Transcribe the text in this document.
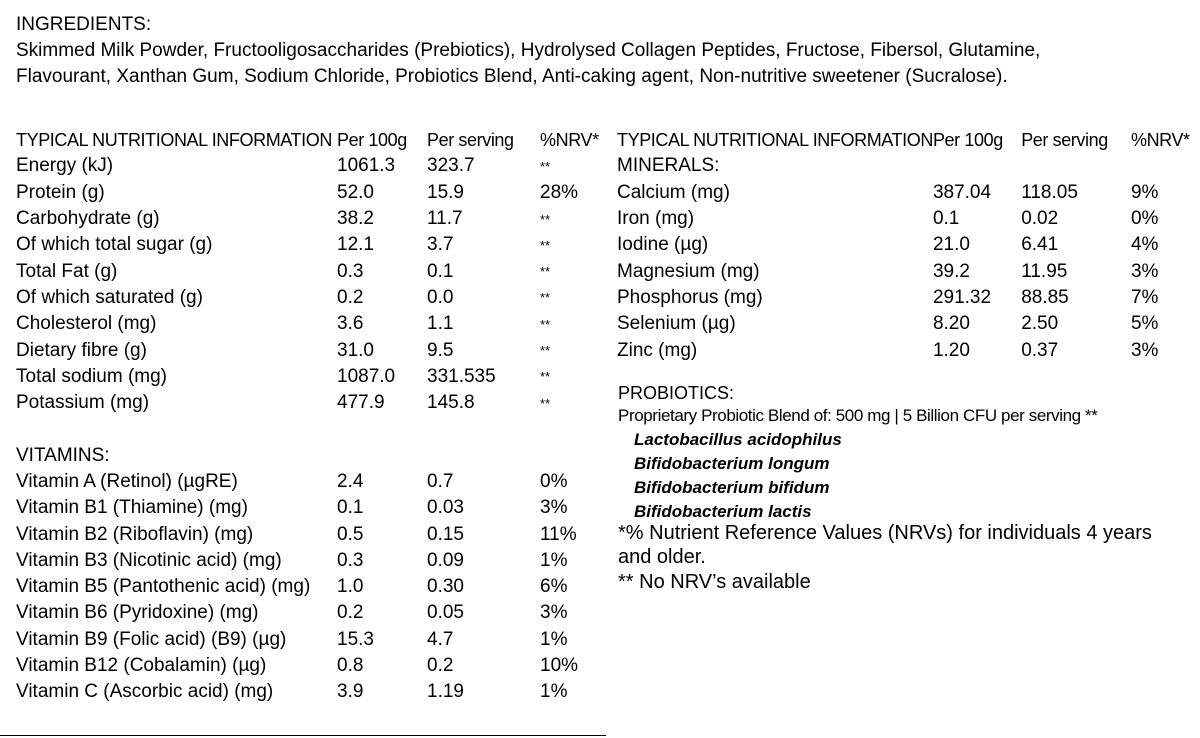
INGREDIENTS:
Skimmed Milk Powder, Fructooligosaccharides (Prebiotics), Hydrolysed Collagen Peptides, Fructose, Fibersol, Glutamine,
Flavourant, Xanthan Gum, Sodium Chloride, Probiotics Blend, Anti-caking agent, Non-nutritive sweetener (Sucralose).
TYPICAL NUTRITIONAL INFORMATION	Per 100g	Per serving	%NRV*
Energy (kJ)	1061.3	323.7	**
Protein (g)	52.0	15.9	28%
Carbohydrate (g)	38.2	11.7	**
Of which total sugar (g)	12.1	3.7	**
Total Fat (g)	0.3	0.1	**
Of which saturated (g)	0.2	0.0	**
Cholesterol (mg)	3.6	1.1	**
Dietary fibre (g)	31.0	9.5	**
Total sodium (mg)	1087.0	331.535	**
Potassium (mg)	477.9	145.8	**

VITAMINS:			
Vitamin A (Retinol) (µgRE)	2.4	0.7	0%
Vitamin B1 (Thiamine) (mg)	0.1	0.03	3%
Vitamin B2 (Riboflavin) (mg)	0.5	0.15	11%
Vitamin B3 (Nicotinic acid) (mg)	0.3	0.09	1%
Vitamin B5 (Pantothenic acid) (mg)	1.0	0.30	6%
Vitamin B6 (Pyridoxine) (mg)	0.2	0.05	3%
Vitamin B9 (Folic acid) (B9) (µg)	15.3	4.7	1%
Vitamin B12 (Cobalamin) (µg)	0.8	0.2	10%
Vitamin C (Ascorbic acid) (mg)	3.9	1.19	1%
TYPICAL NUTRITIONAL INFORMATION	Per 100g	Per serving	%NRV*
MINERALS:			
Calcium (mg)	387.04	118.05	9%
Iron (mg)	0.1	0.02	0%
Iodine (µg)	21.0	6.41	4%
Magnesium (mg)	39.2	11.95	3%
Phosphorus (mg)	291.32	88.85	7%
Selenium (µg)	8.20	2.50	5%
Zinc (mg)	1.20	0.37	3%
PROBIOTICS:
Proprietary Probiotic Blend of: 500 mg | 5 Billion CFU per serving **
Lactobacillus acidophilus
Bifidobacterium longum
Bifidobacterium bifidum
Bifidobacterium lactis
*% Nutrient Reference Values (NRVs) for individuals 4 years
and older.
** No NRV’s available
